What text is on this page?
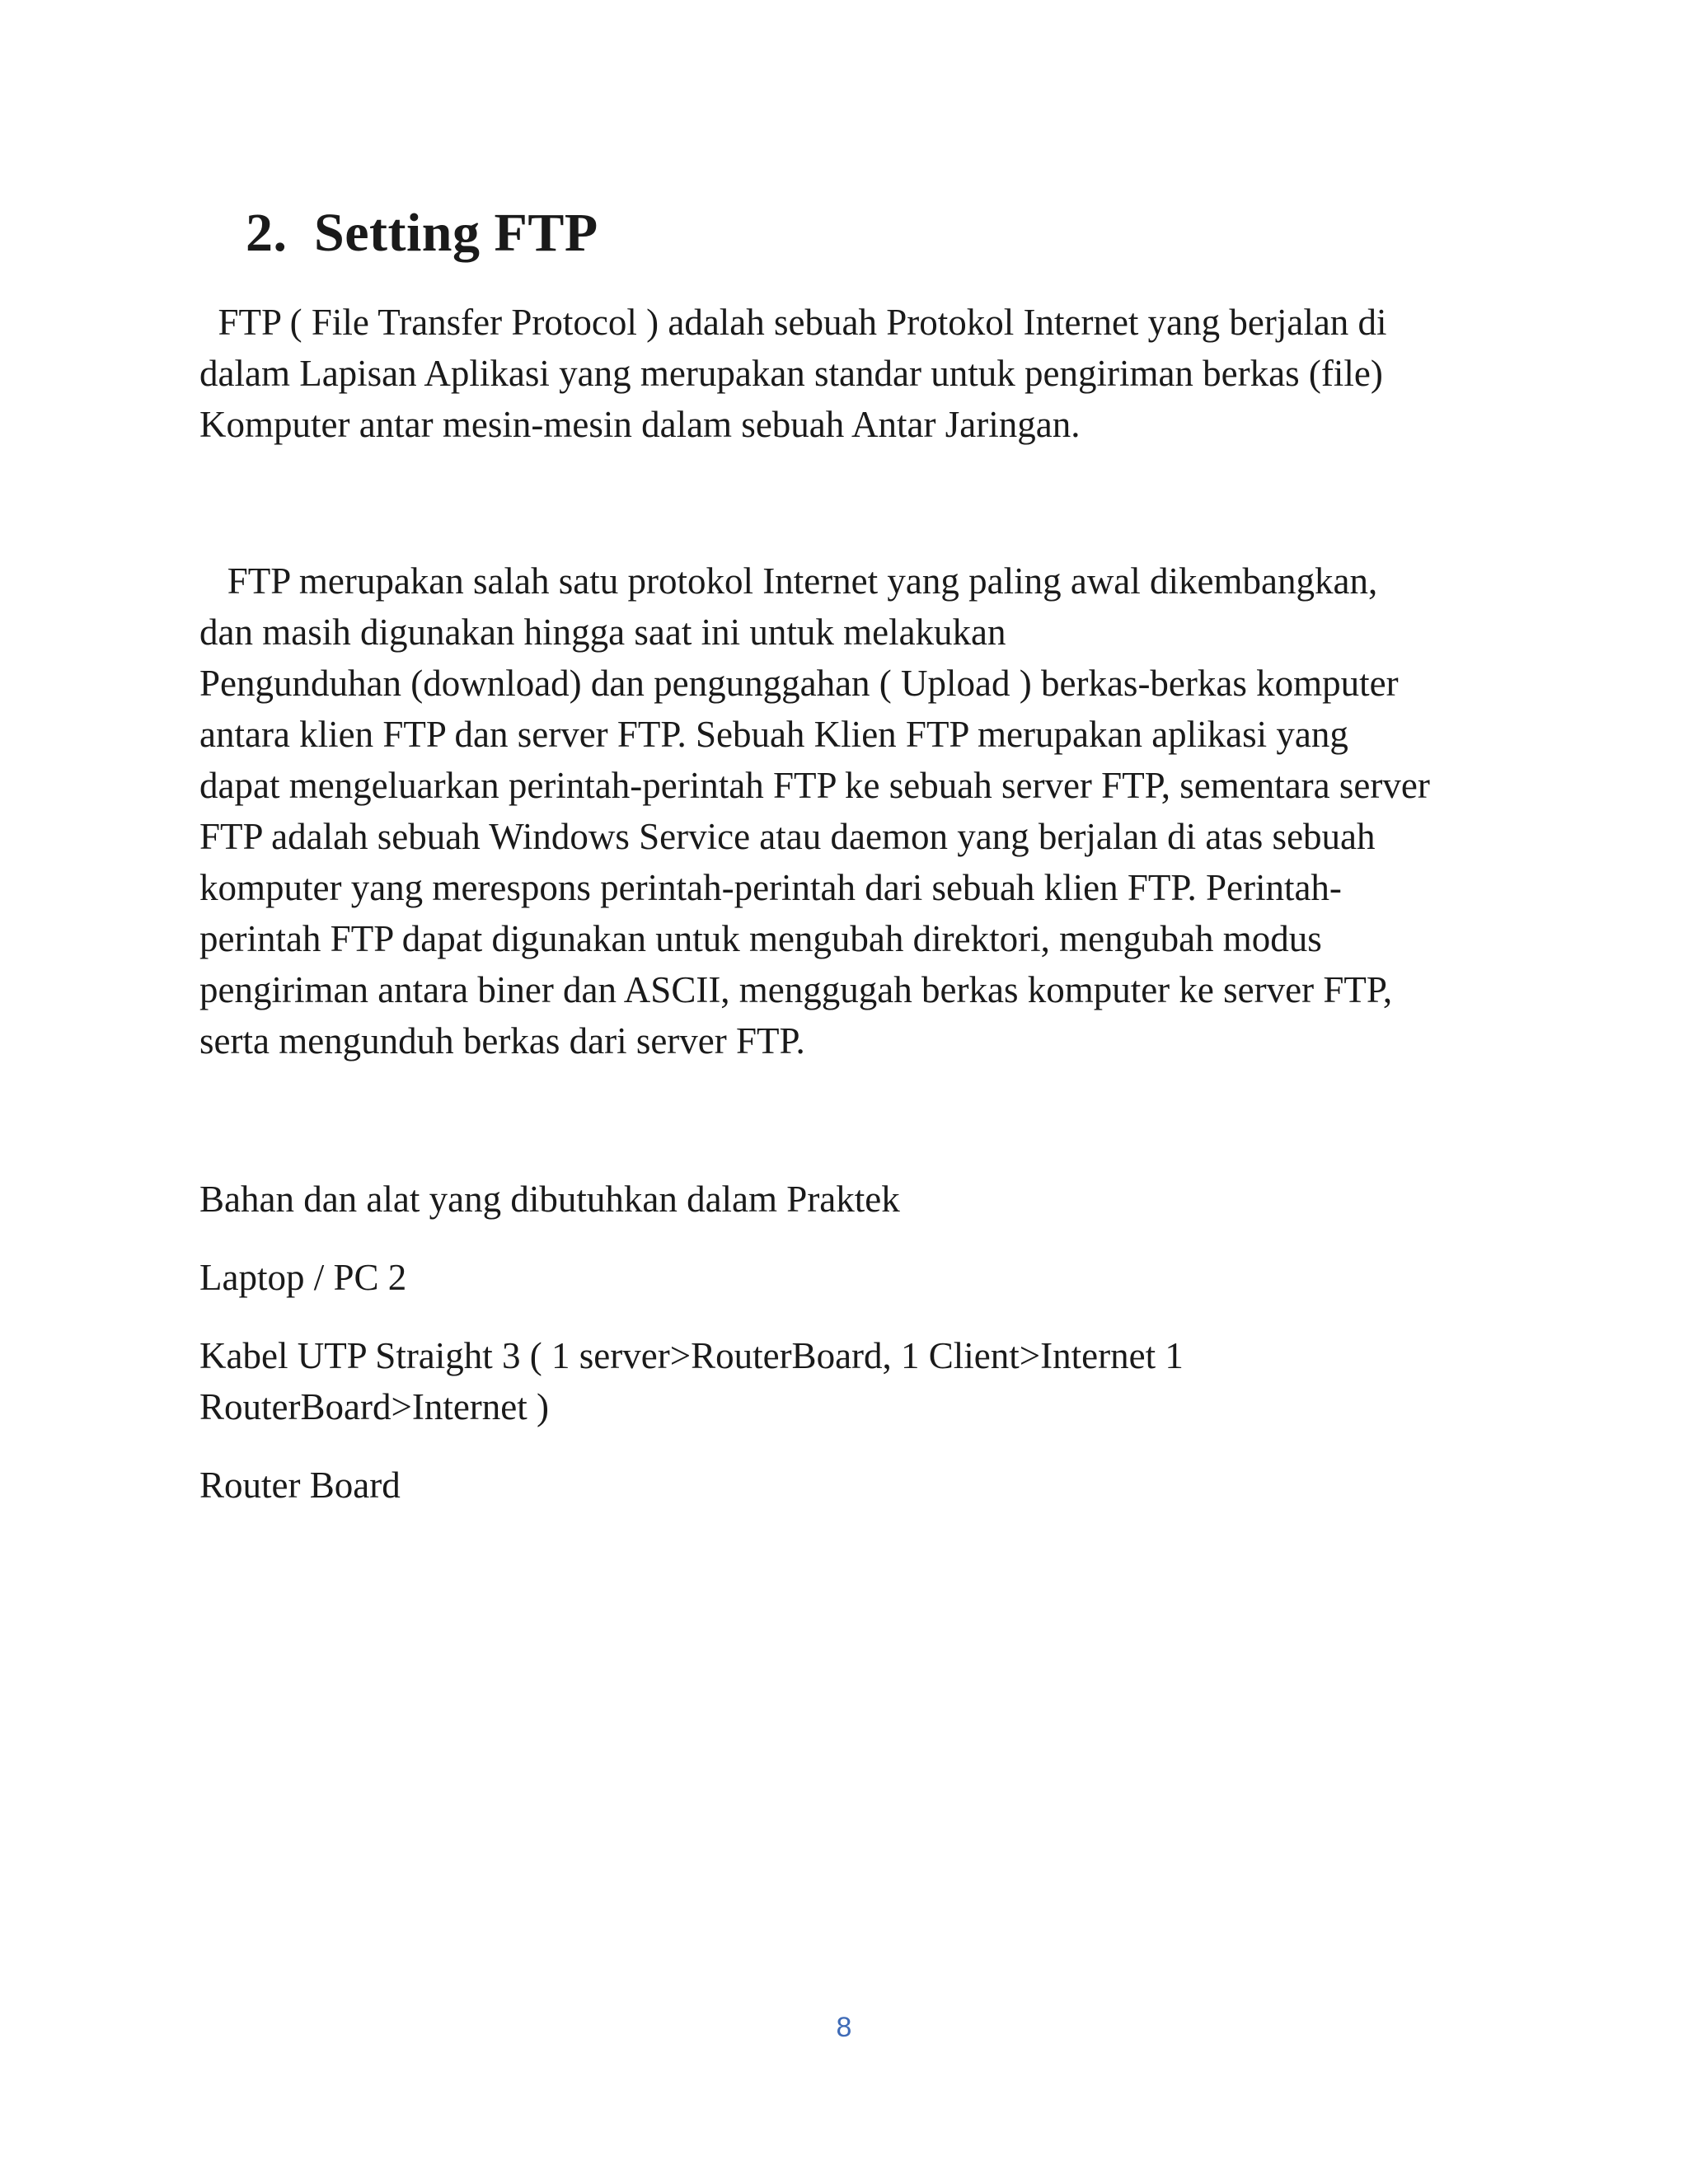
2. Setting FTP

FTP ( File Transfer Protocol ) adalah sebuah Protokol Internet yang berjalan di
dalam Lapisan Aplikasi yang merupakan standar untuk pengiriman berkas (file)
Komputer antar mesin-mesin dalam sebuah Antar Jaringan.

FTP merupakan salah satu protokol Internet yang paling awal dikembangkan,
dan masih digunakan hingga saat ini untuk melakukan
Pengunduhan (download) dan pengunggahan ( Upload ) berkas-berkas komputer
antara klien FTP dan server FTP. Sebuah Klien FTP merupakan aplikasi yang
dapat mengeluarkan perintah-perintah FTP ke sebuah server FTP, sementara server
FTP adalah sebuah Windows Service atau daemon yang berjalan di atas sebuah
komputer yang merespons perintah-perintah dari sebuah klien FTP. Perintah-
perintah FTP dapat digunakan untuk mengubah direktori, mengubah modus
pengiriman antara biner dan ASCII, menggugah berkas komputer ke server FTP,
serta mengunduh berkas dari server FTP.

Bahan dan alat yang dibutuhkan dalam Praktek

Laptop / PC 2

Kabel UTP Straight 3 ( 1 server>RouterBoard, 1 Client>Internet 1
RouterBoard>Internet )

Router Board

8
